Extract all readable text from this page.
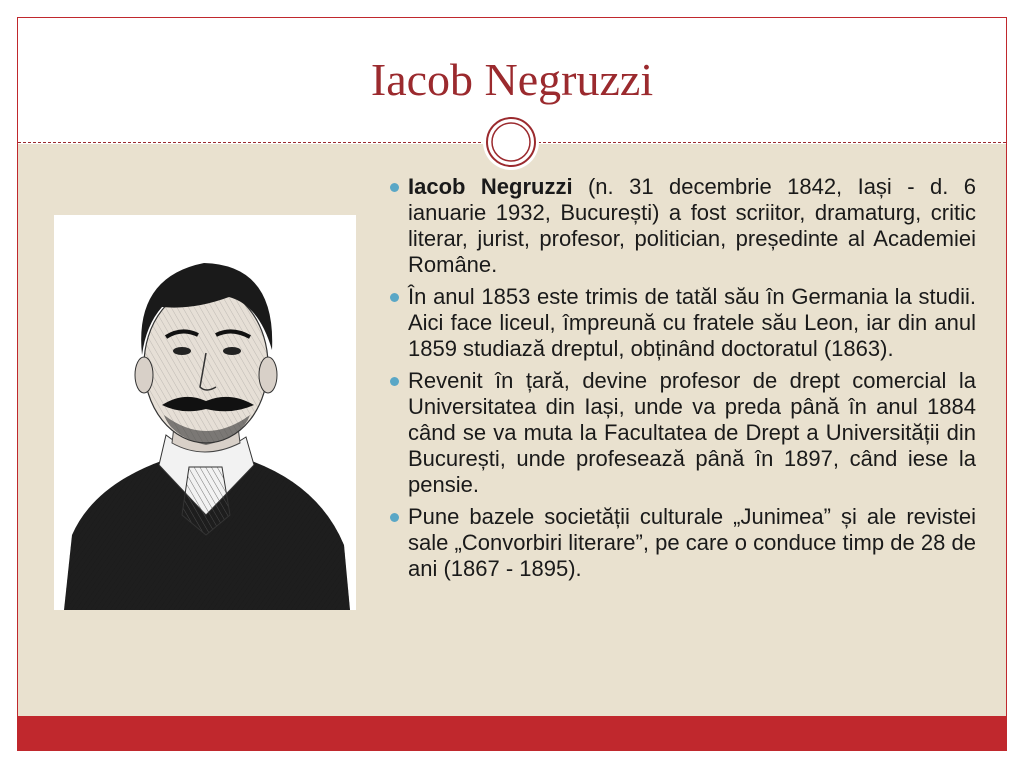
Iacob Negruzzi
Iacob Negruzzi (n. 31 decembrie 1842, Iași - d. 6 ianuarie 1932, București) a fost scriitor, dramaturg, critic literar, jurist, profesor, politician, președinte al Academiei Române.
În anul 1853 este trimis de tatăl său în Germania la studii. Aici face liceul, împreună cu fratele său Leon, iar din anul 1859 studiază dreptul, obținând doctoratul (1863).
Revenit în țară, devine profesor de drept comercial la Universitatea din Iași, unde va preda până în anul 1884 când se va muta la Facultatea de Drept a Universității din București, unde profesează până în 1897, când iese la pensie.
Pune bazele societății culturale „Junimea” și ale revistei sale „Convorbiri literare”, pe care o conduce timp de 28 de ani (1867 - 1895).
